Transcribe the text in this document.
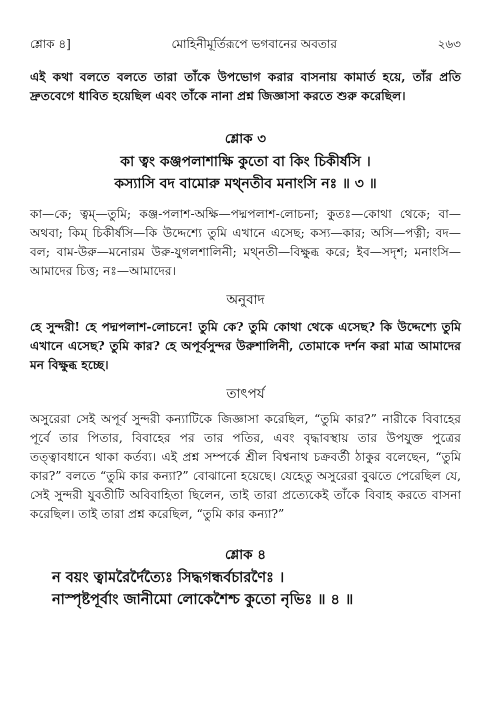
শ্লোক ৪]	মোহিনীমূর্তিরূপে ভগবানের অবতার	২৬৩

এই কথা বলতে বলতে তারা তাঁকে উপভোগ করার বাসনায় কামার্ত হয়ে, তাঁর প্রতি দ্রুতবেগে ধাবিত হয়েছিল এবং তাঁকে নানা প্রশ্ন জিজ্ঞাসা করতে শুরু করেছিল।

শ্লোক ৩

কা ত্বং কঞ্জপলাশাক্ষি কুতো বা কিং চিকীর্ষসি ।

কস্যাসি বদ বামোরু মথ্নতীব মনাংসি নঃ ॥ ৩ ॥

কা—কে; ত্বম্—তুমি; কঞ্জ-পলাশ-অক্ষি—পদ্মপলাশ-লোচনা; কুতঃ—কোথা থেকে; বা—অথবা; কিম্ চিকীর্ষসি—কি উদ্দেশ্যে তুমি এখানে এসেছ; কস্য—কার; অসি—পত্নী; বদ—বল; বাম-উরু—মনোরম উরু-যুগলশালিনী; মথ্নতী—বিক্ষুব্ধ করে; ইব—সদৃশ; মনাংসি—আমাদের চিত্ত; নঃ—আমাদের।

অনুবাদ

হে সুন্দরী! হে পদ্মপলাশ-লোচনে! তুমি কে? তুমি কোথা থেকে এসেছ? কি উদ্দেশ্যে তুমি এখানে এসেছ? তুমি কার? হে অপূর্বসুন্দর উরুশালিনী, তোমাকে দর্শন করা মাত্র আমাদের মন বিক্ষুব্ধ হচ্ছে।

তাৎপর্য

অসুরেরা সেই অপূর্ব সুন্দরী কন্যাটিকে জিজ্ঞাসা করেছিল, “তুমি কার?” নারীকে বিবাহের পূর্বে তার পিতার, বিবাহের পর তার পতির, এবং বৃদ্ধাবস্থায় তার উপযুক্ত পুত্রের তত্ত্বাবধানে থাকা কর্তব্য। এই প্রশ্ন সম্পর্কে শ্রীল বিশ্বনাথ চক্রবর্তী ঠাকুর বলেছেন, “তুমি কার?” বলতে “তুমি কার কন্যা?” বোঝানো হয়েছে। যেহেতু অসুরেরা বুঝতে পেরেছিল যে, সেই সুন্দরী যুবতীটি অবিবাহিতা ছিলেন, তাই তারা প্রত্যেকেই তাঁকে বিবাহ করতে বাসনা করেছিল। তাই তারা প্রশ্ন করেছিল, “তুমি কার কন্যা?”

শ্লোক ৪

ন বয়ং ত্বামরৈর্দৈত্যৈঃ সিদ্ধগন্ধর্বচারণৈঃ ।

নাস্পৃষ্টপূর্বাং জানীমো লোকেশৈশ্চ কুতো নৃভিঃ ॥ ৪ ॥
